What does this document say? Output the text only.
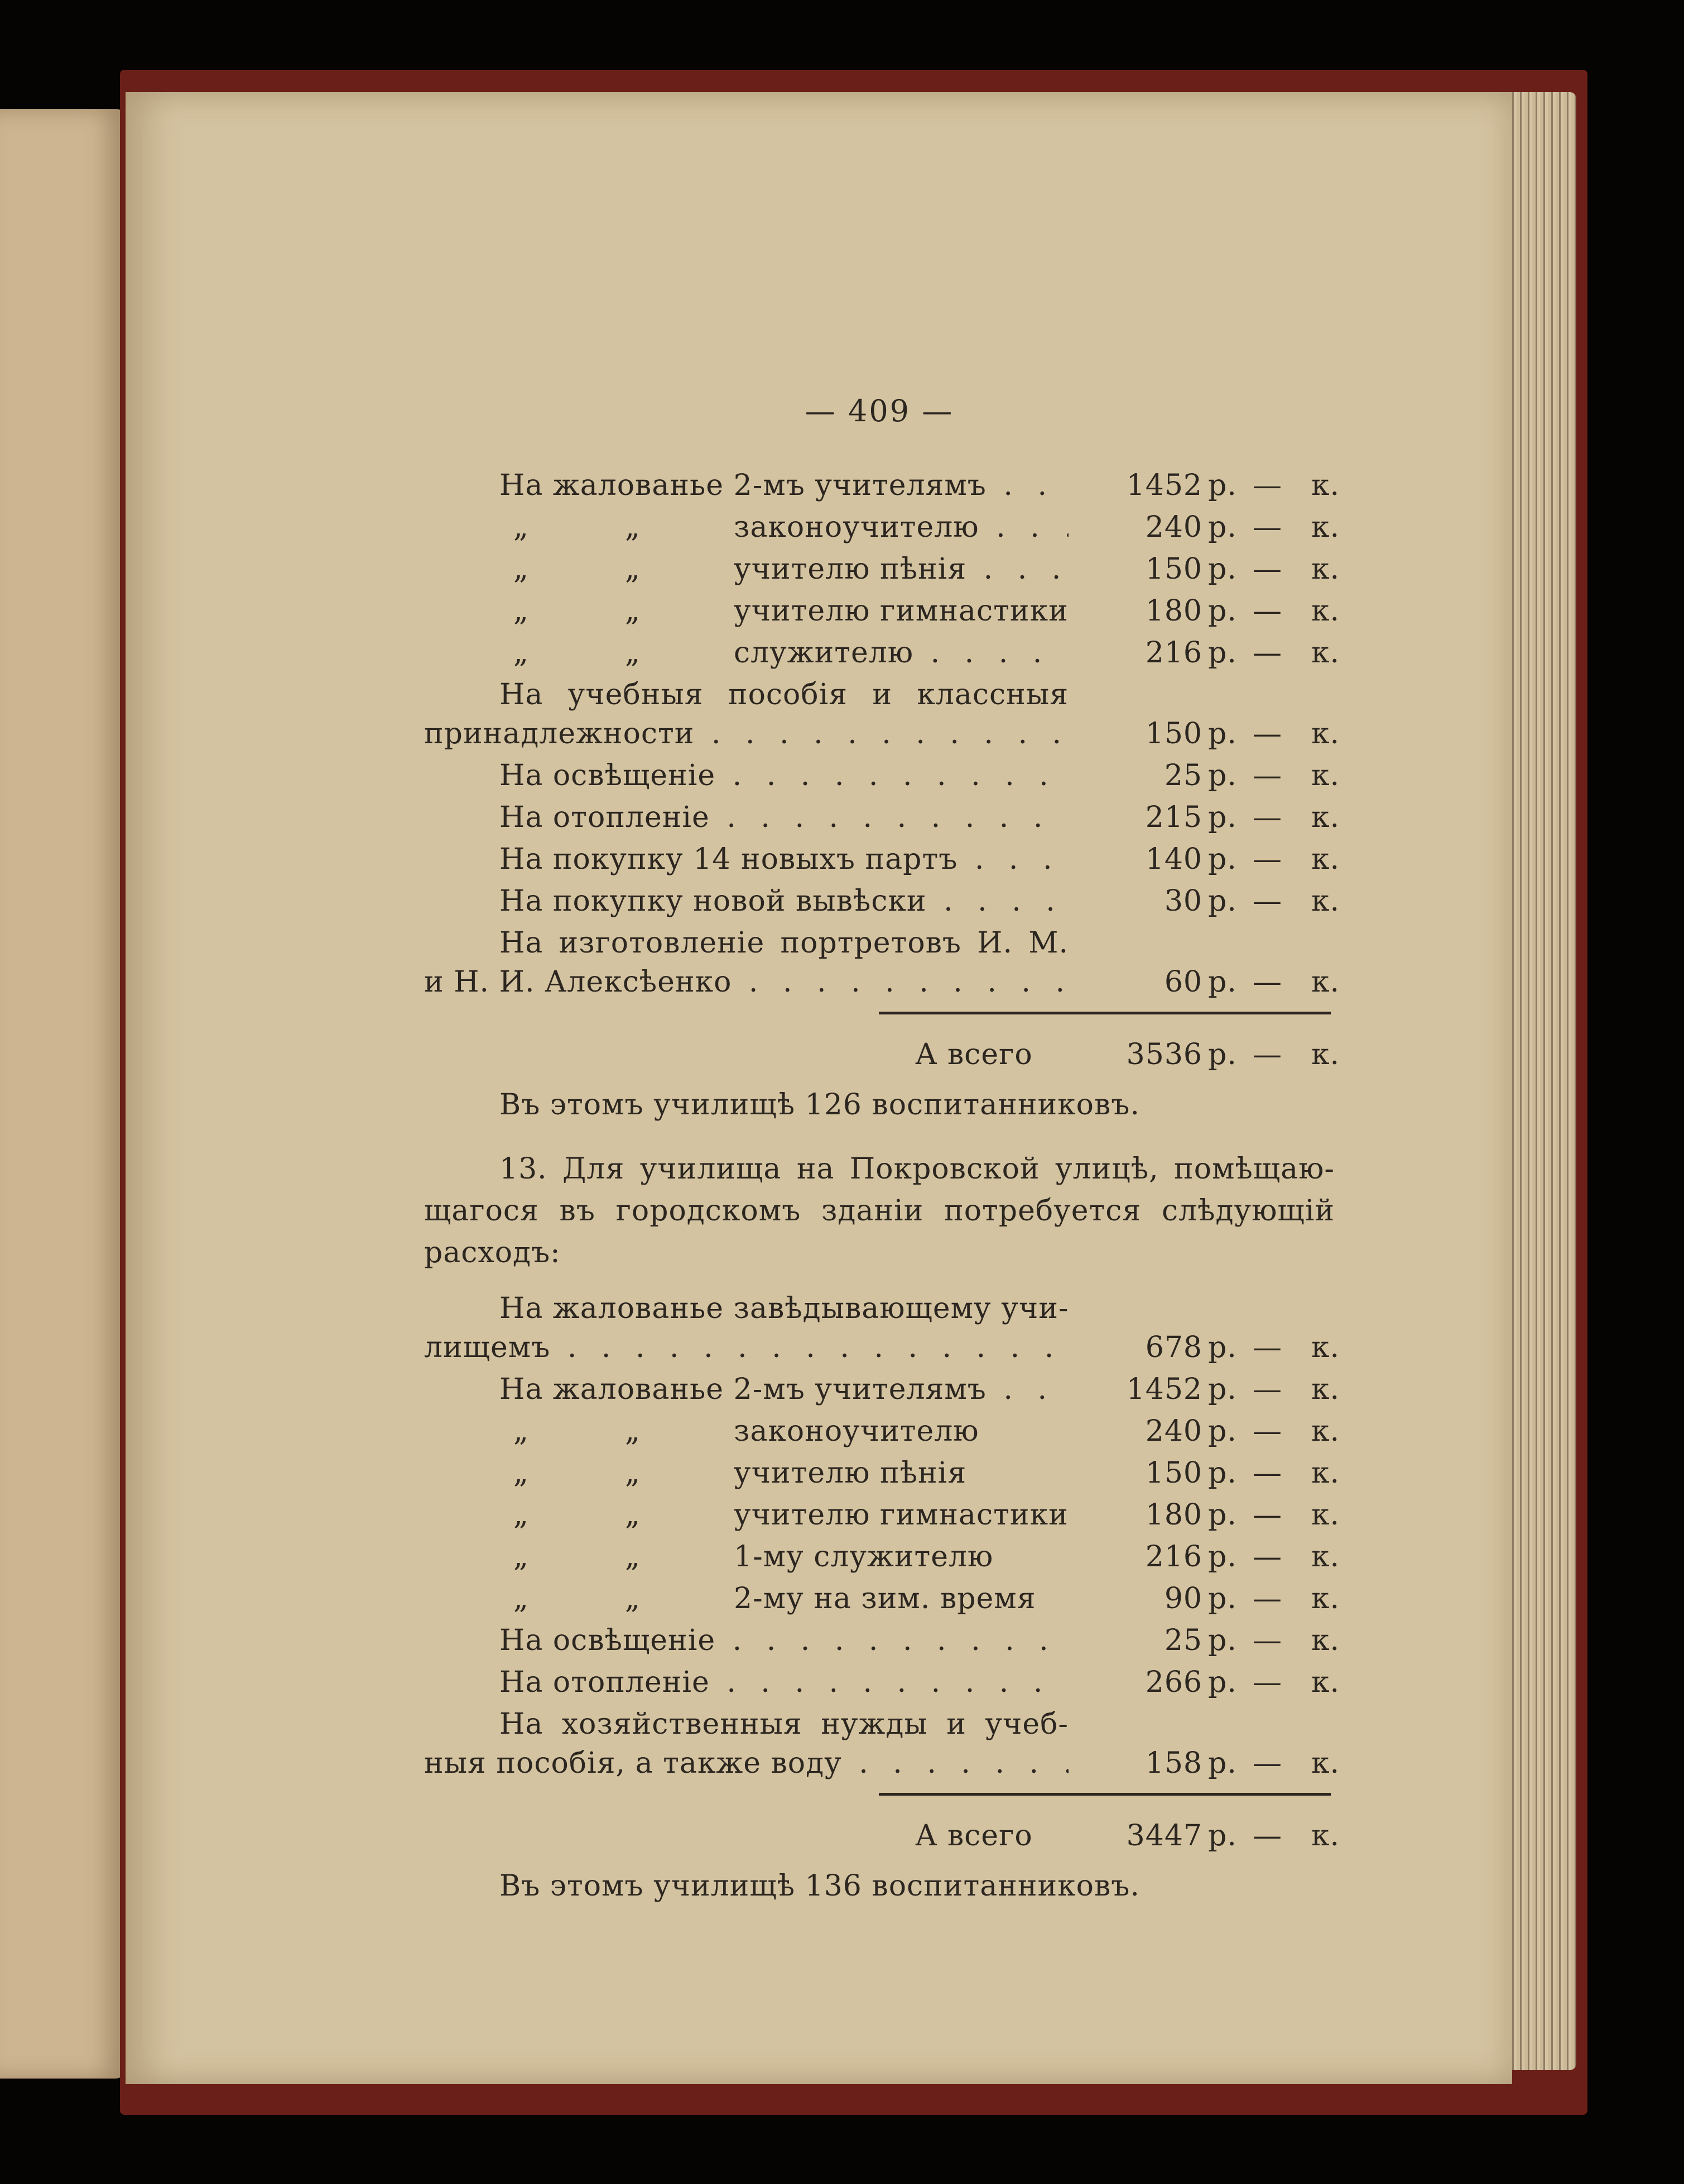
— 409 —
На жалованье 2-мъ учителямъ . . .	1452 р. — к.
„	„	законоучителю . . .	240 р. — к.
„	„	учителю пѣнія . . .	150 р. — к.
„	„	учителю гимнастики	180 р. — к.
„	„	служителю . . .	216 р. — к.
На учебныя пособія и классныя
принадлежности . . .	150 р. — к.
На освѣщеніе . . .	25 р. — к.
На отопленіе . . .	215 р. — к.
На покупку 14 новыхъ партъ . . .	140 р. — к.
На покупку новой вывѣски . . .	30 р. — к.
На изготовленіе портретовъ И. М.
и Н. И. Алексѣенко . . .	60 р. — к.
А всего	3536 р. — к.
Въ этомъ училищѣ 126 воспитанниковъ.
13. Для училища на Покровской улицѣ, помѣщаю-
щагося въ городскомъ зданіи потребуется слѣдующій
расходъ:
На жалованье завѣдывающему учи-
лищемъ . . .	678 р. — к.
На жалованье 2-мъ учителямъ . . .	1452 р. — к.
„	„	законоучителю	240 р. — к.
„	„	учителю пѣнія	150 р. — к.
„	„	учителю гимнастики	180 р. — к.
„	„	1-му служителю	216 р. — к.
„	„	2-му на зим. время	90 р. — к.
На освѣщеніе . . .	25 р. — к.
На отопленіе . . .	266 р. — к.
На хозяйственныя нужды и учеб-
ныя пособія, а также воду . . .	158 р. — к.
А всего	3447 р. — к.
Въ этомъ училищѣ 136 воспитанниковъ.
